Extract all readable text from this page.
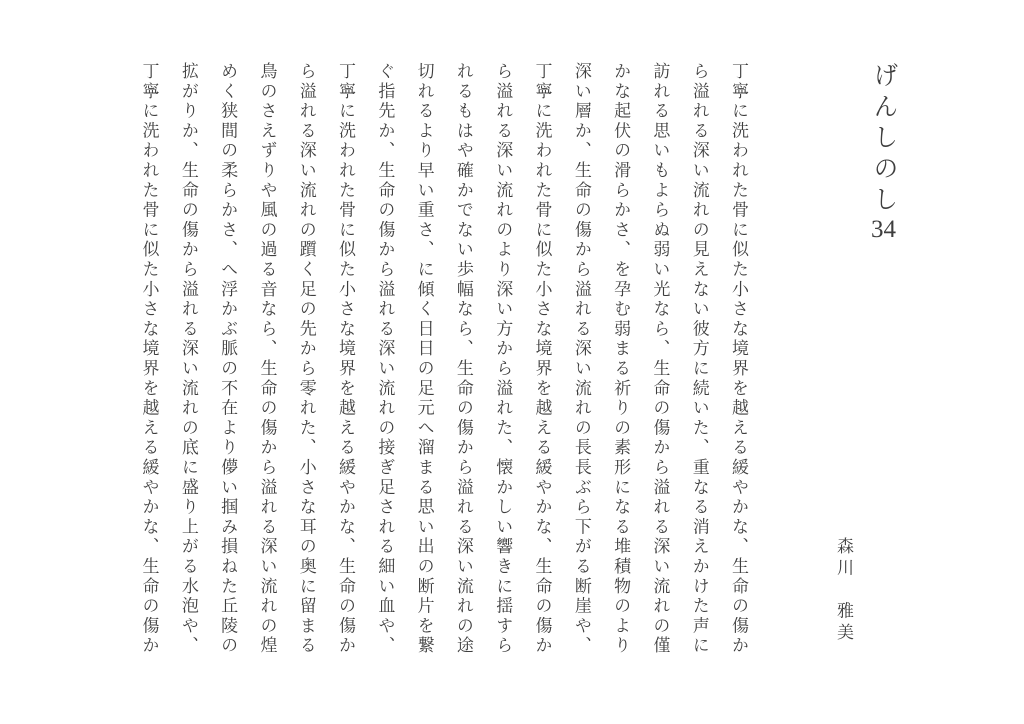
げんしのし34
森川　雅美
丁寧に洗われた骨に似た小さな境界を越える緩やかな、生命の傷か
ら溢れる深い流れの見えない彼方に続いた、重なる消えかけた声に
訪れる思いもよらぬ弱い光なら、生命の傷から溢れる深い流れの僅
かな起伏の滑らかさ、を孕む弱まる祈りの素形になる堆積物のより
深い層か、生命の傷から溢れる深い流れの長長ぶら下がる断崖や、
丁寧に洗われた骨に似た小さな境界を越える緩やかな、生命の傷か
ら溢れる深い流れのより深い方から溢れた、懐かしい響きに揺すら
れるもはや確かでない歩幅なら、生命の傷から溢れる深い流れの途
切れるより早い重さ、に傾く日日の足元へ溜まる思い出の断片を繋
ぐ指先か、生命の傷から溢れる深い流れの接ぎ足される細い血や、
丁寧に洗われた骨に似た小さな境界を越える緩やかな、生命の傷か
ら溢れる深い流れの躓く足の先から零れた、小さな耳の奥に留まる
鳥のさえずりや風の過る音なら、生命の傷から溢れる深い流れの煌
めく狭間の柔らかさ、へ浮かぶ脈の不在より儚い掴み損ねた丘陵の
拡がりか、生命の傷から溢れる深い流れの底に盛り上がる水泡や、
丁寧に洗われた骨に似た小さな境界を越える緩やかな、生命の傷か
